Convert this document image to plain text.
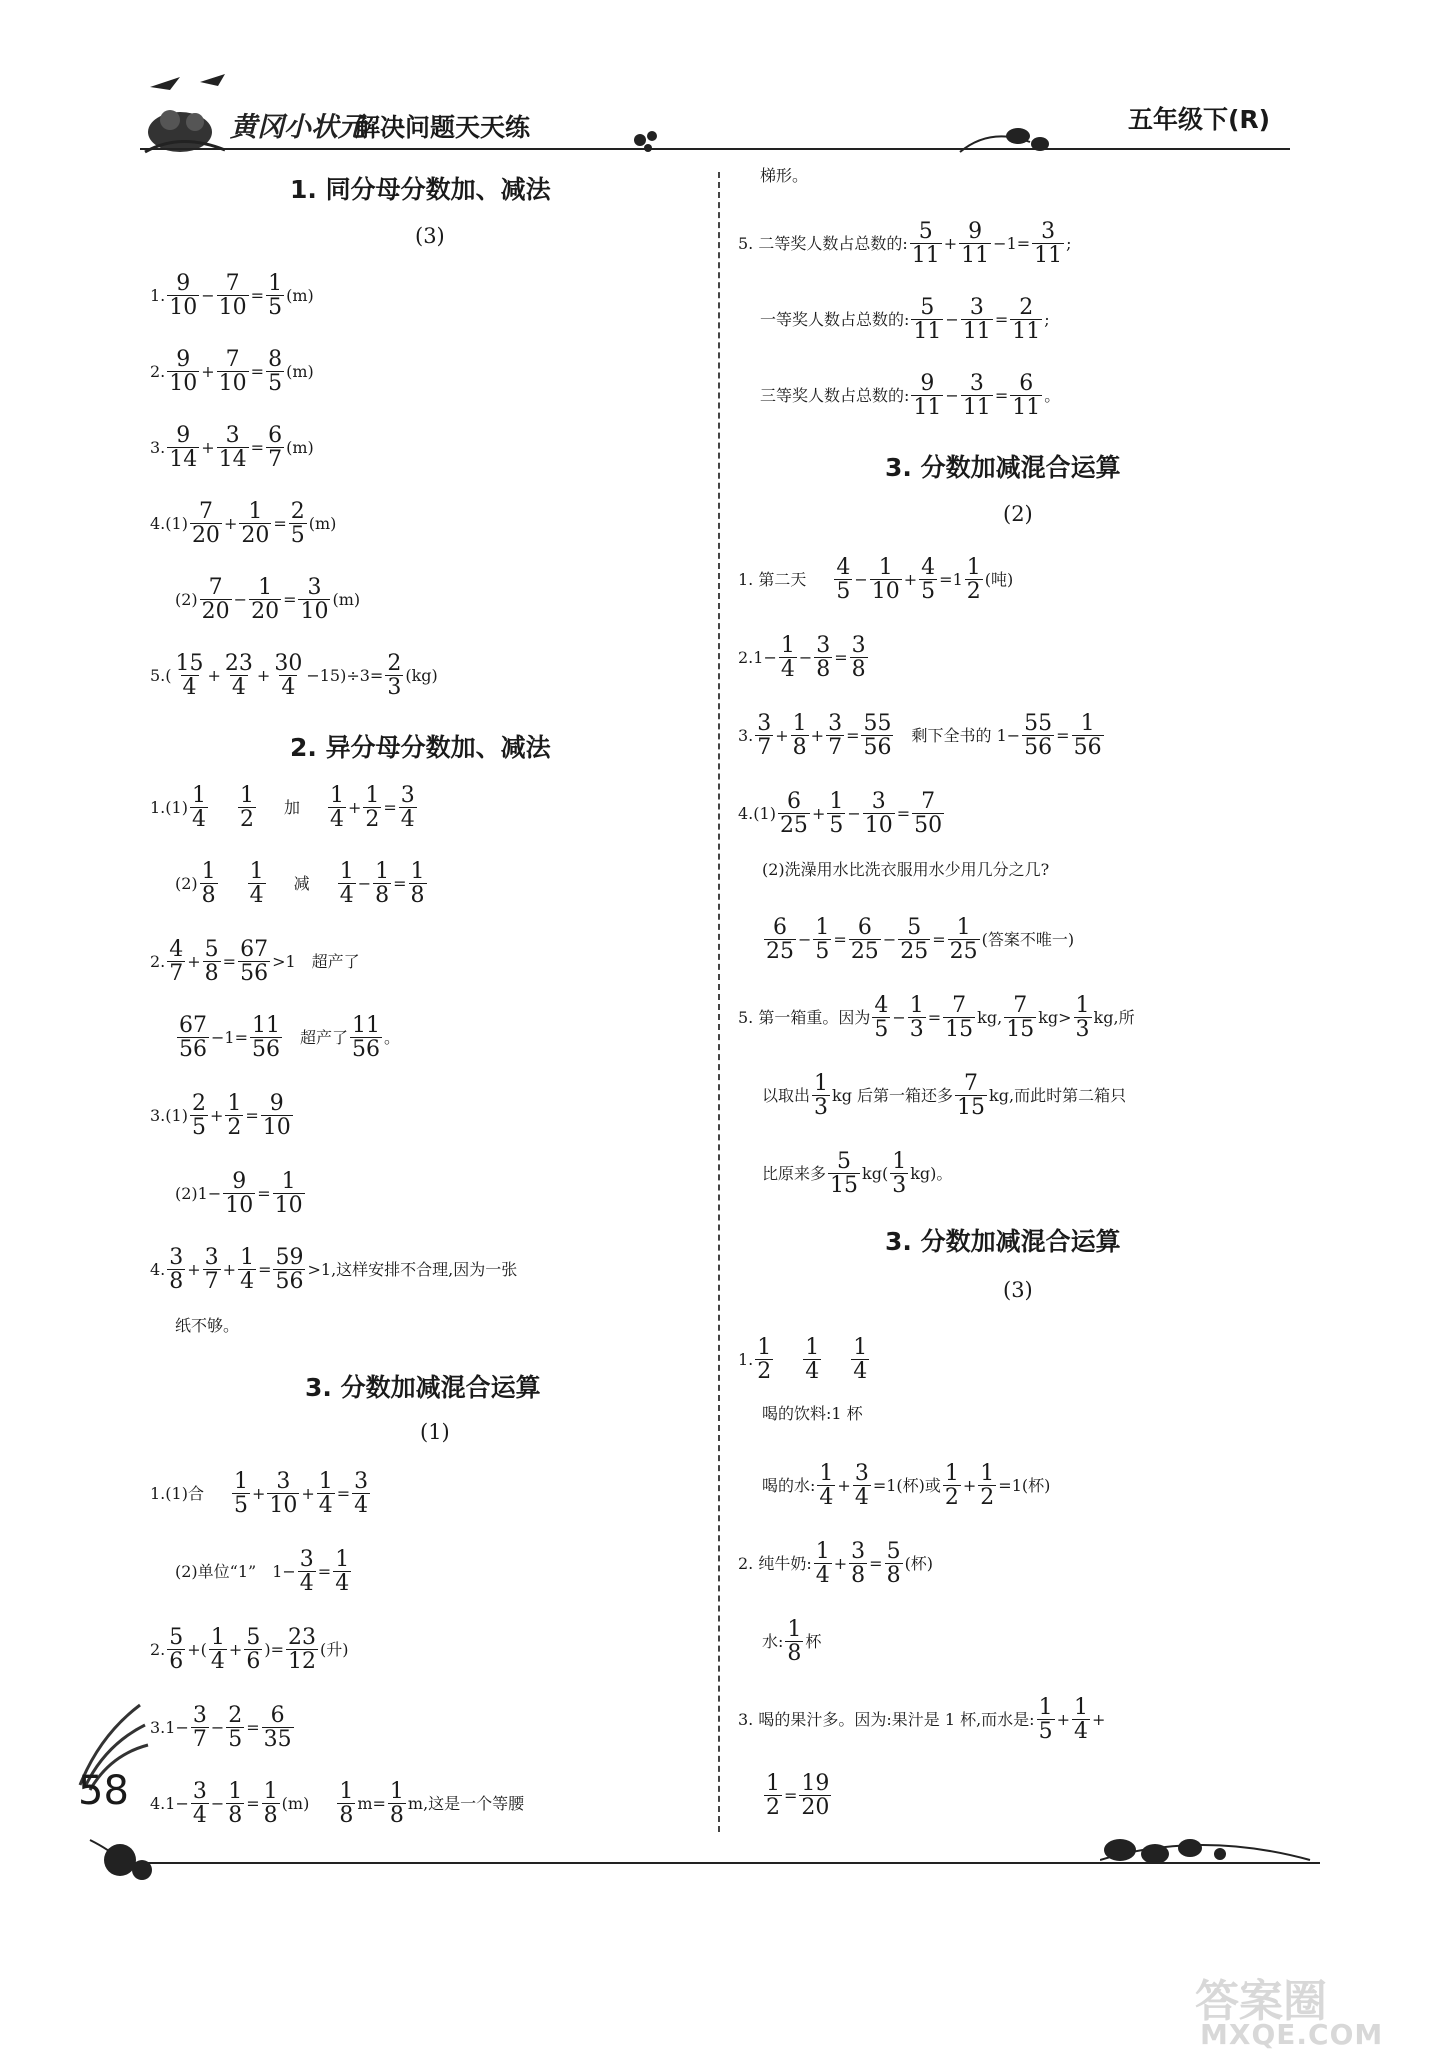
黄冈小状元
解决问题天天练	五年级下(R)
1. 同分母分数加、减法
(3)
1. 9
$10 - \frac{7}{10} = \frac{1}{5} (m)$
2. 9
$10 + \frac{7}{10} = \frac{8}{5} (m)$
3. 9
$14 + \frac{3}{14} = \frac{6}{7} (m)$
4. (1) 7
$20 + \frac{1}{20} = \frac{2}{5} (m)$
(2) 7
$20 - \frac{1}{20} = \frac{3}{10} (m)$
5. ( 15
$4 + \frac{23}{4} + \frac{30}{4} -15)\div 3= \frac{2}{3} (kg)$
2. 异分母分数加、减法
1. (1) 1
4
1
2 加 1
$4 + \frac{1}{2} = \frac{3}{4}$
(2) 1
8
1
4 减 1
$4 - \frac{1}{8} = \frac{1}{8}$
2. 4
$7 + \frac{5}{8} = \frac{67}{56} >1$　超产了
67
$56 -1= \frac{11}{56}$ 　超产了 11
56 。
3. (1) 2
$5 + \frac{1}{2} = \frac{9}{10}$
(2) $1- \frac{9}{10} = \frac{1}{10}$
4. 3
$8 + \frac{3}{7} + \frac{1}{4} = \frac{59}{56} >1$,这样安排不合理,因为一张
纸不够。
3. 分数加减混合运算
(1)
1. (1) 合 1
$5 + \frac{3}{10} + \frac{1}{4} = \frac{3}{4}$
(2)单位“1”　$1- \frac{3}{4} = \frac{1}{4}$
2. 5
6 + ( 1
$4 + \frac{5}{6}$ )= $\frac{23}{12}$ (升)
3. $1- \frac{3}{7} - \frac{2}{5} = \frac{6}{35}$
4. $1- \frac{3}{4} - \frac{1}{8} = \frac{1}{8} (m)$ 1
8 $m= \frac{1}{8} m$,这是一个等腰
梯形。
5. 二等奖人数占总数的: 5
$11 + \frac{9}{11} -1= \frac{3}{11}$ ;
一等奖人数占总数的: 5
$11 - \frac{3}{11} = \frac{2}{11}$ ;
三等奖人数占总数的: 9
$11 - \frac{3}{11} = \frac{6}{11}$ 。
3. 分数加减混合运算
(2)
1. 第二天 4
$5 - \frac{1}{10} + \frac{4}{5} = 1$ 1
2 (吨)
2. $1- \frac{1}{4} - \frac{3}{8} = \frac{3}{8}$
3. 3
$7 + \frac{1}{8} + \frac{3}{7} = \frac{55}{56}$ 　剩下全书的 $1- \frac{55}{56} = \frac{1}{56}$
4. (1) 6
$25 + \frac{1}{5} - \frac{3}{10} = \frac{7}{50}$
(2)洗澡用水比洗衣服用水少用几分之几?
6
$25 - \frac{1}{5} = \frac{6}{25} - \frac{5}{25} = \frac{1}{25}$ (答案不唯一)
5. 第一箱重。因为 4
$5 - \frac{1}{3} = \frac{7}{15}$ kg, 7
15 kg > 1
3 kg,所
以取出 1
3 kg 后第一箱还多 7
15 kg,而此时第二箱只
比原来多 5
15 kg( 1
3 kg)。
3. 分数加减混合运算
(3)
1. 1
2
1
4
1
4
喝的饮料:1 杯
喝的水: 1
$4 + \frac{3}{4} =1$(杯)或 1
$2 + \frac{1}{2} =1$(杯)
2. 纯牛奶: 1
$4 + \frac{3}{8} = \frac{5}{8}$ (杯)
水: 1
8 杯
3. 喝的果汁多。因为:果汁是 1 杯,而水是: 1
$5 + \frac{1}{4}$ +
$\frac{1}{2} = \frac{19}{20}$
58
答案圈
MXQE.COM
